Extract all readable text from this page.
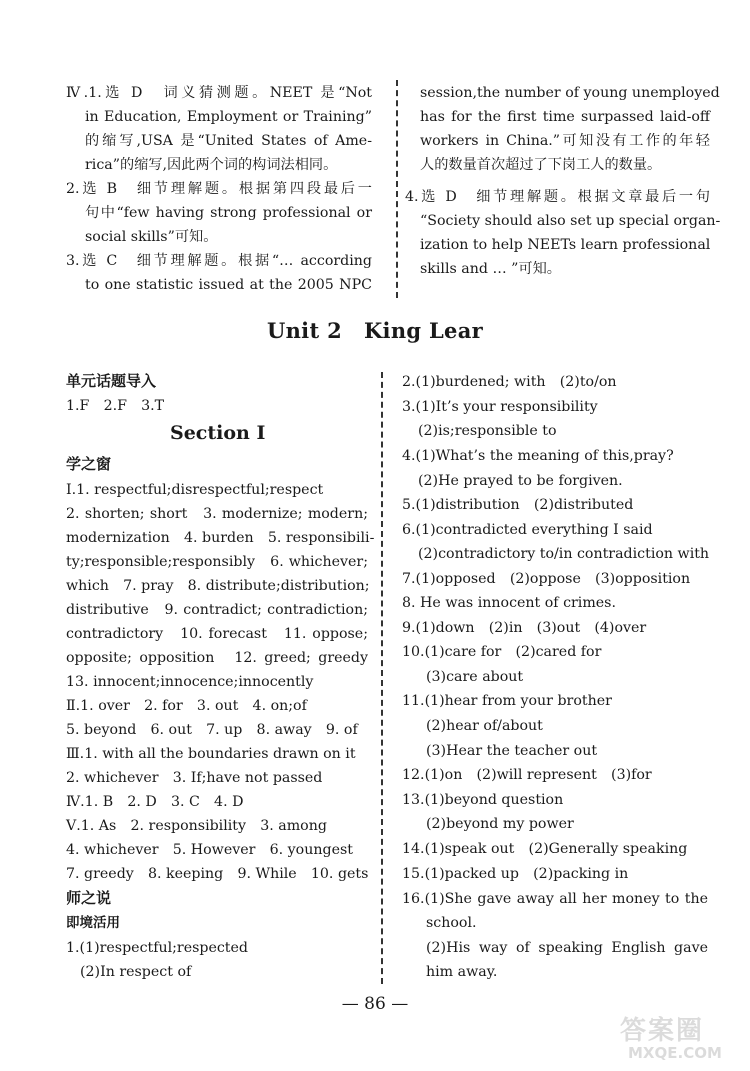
Ⅳ.1.选 D　词义猜测题。NEET 是“Not
in Education, Employment or Training”
的缩写,USA 是“United States of Ame-
rica”的缩写,因此两个词的构词法相同。
2.选 B　细节理解题。根据第四段最后一
句中“few having strong professional or
social skills”可知。
3.选 C　细节理解题。根据“… according
to one statistic issued at the 2005 NPC
session,the number of young unemployed
has for the first time surpassed laid-off
workers in China.”可知没有工作的年轻
人的数量首次超过了下岗工人的数量。
4.选 D　细节理解题。根据文章最后一句
“Society should also set up special organ-
ization to help NEETs learn professional
skills and … ”可知。
Unit 2 King Lear
单元话题导入
1.F　2.F　3.T
Section Ⅰ
学之窗
Ⅰ.1. respectful;disrespectful;respect
2. shorten; short　3. modernize; modern;
modernization　4. burden　5. responsibili-
ty;responsible;responsibly　6. whichever;
which　7. pray　8. distribute;distribution;
distributive　9. contradict; contradiction;
contradictory　10. forecast　11. oppose;
opposite; opposition　12. greed; greedy
13. innocent;innocence;innocently
Ⅱ.1. over　2. for　3. out　4. on;of
5. beyond　6. out　7. up　8. away　9. of
Ⅲ.1. with all the boundaries drawn on it
2. whichever　3. If;have not passed
Ⅳ.1. B　2. D　3. C　4. D
Ⅴ.1. As　2. responsibility　3. among
4. whichever　5. However　6. youngest
7. greedy　8. keeping　9. While　10. gets
师之说
即境活用
1.(1)respectful;respected
(2)In respect of
2.(1)burdened; with　(2)to/on
3.(1)It’s your responsibility
(2)is;responsible to
4.(1)What’s the meaning of this,pray?
(2)He prayed to be forgiven.
5.(1)distribution　(2)distributed
6.(1)contradicted everything I said
(2)contradictory to/in contradiction with
7.(1)opposed　(2)oppose　(3)opposition
8. He was innocent of crimes.
9.(1)down　(2)in　(3)out　(4)over
10.(1)care for　(2)cared for
(3)care about
11.(1)hear from your brother
(2)hear of/about
(3)Hear the teacher out
12.(1)on　(2)will represent　(3)for
13.(1)beyond question
(2)beyond my power
14.(1)speak out　(2)Generally speaking
15.(1)packed up　(2)packing in
16.(1)She gave away all her money to the
school.
(2)His way of speaking English gave
him away.
— 86 —
答案圈
MXQE.COM
